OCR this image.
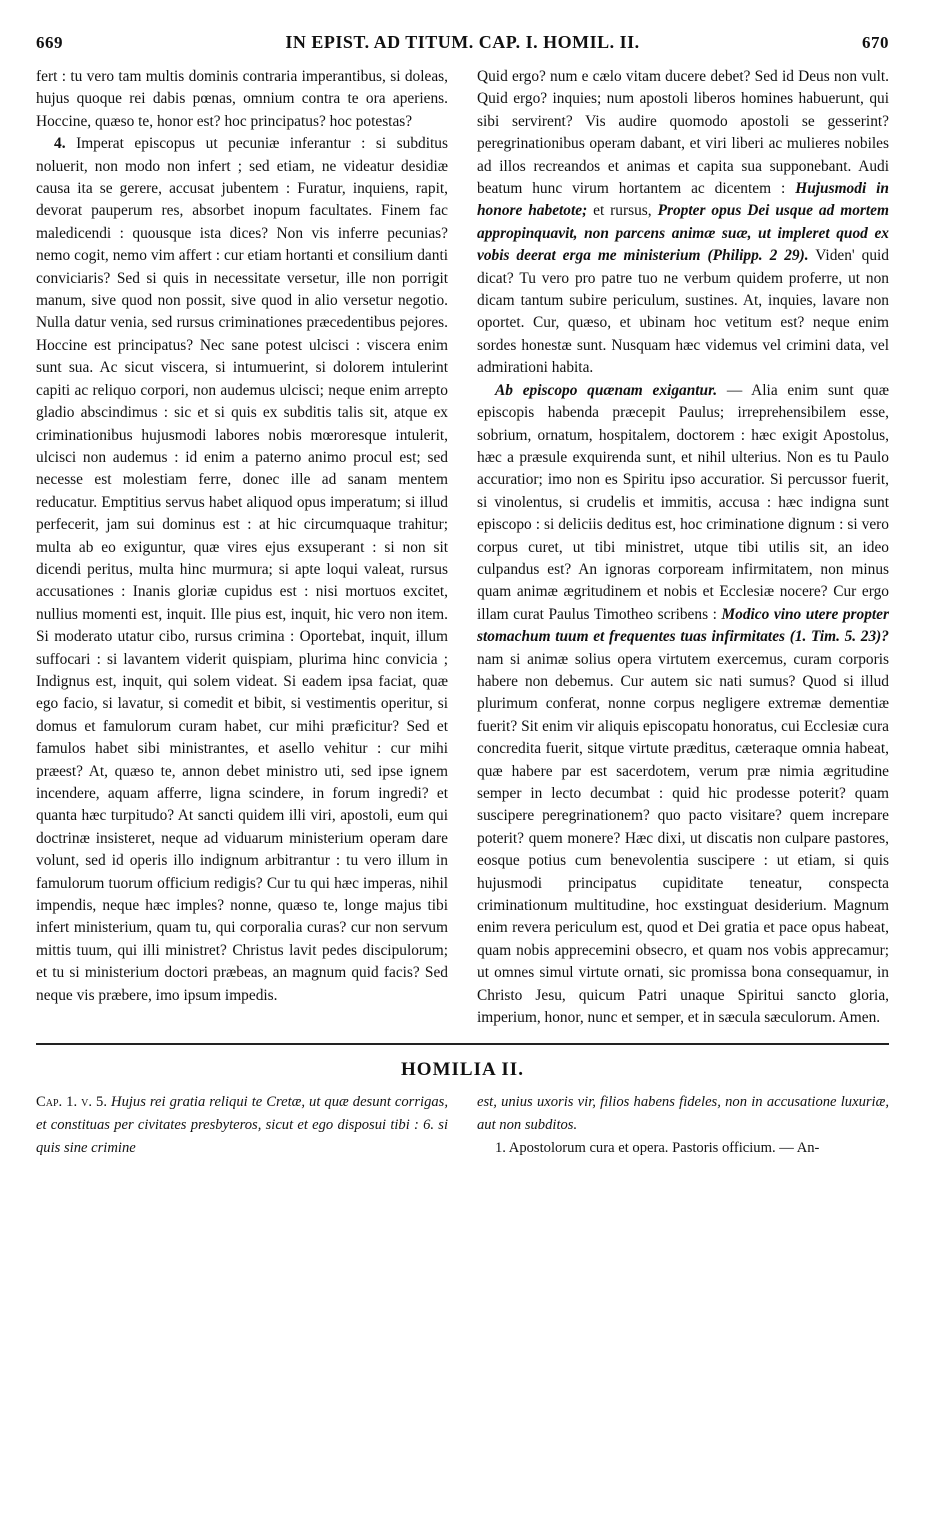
669	IN EPIST. AD TITUM. CAP. I. HOMIL. II.	670

fert : tu vero tam multis dominis contraria imperantibus, si doleas, hujus quoque rei dabis pœnas, omnium contra te ora aperiens. Hoccine, quæso te, honor est? hoc principatus? hoc potestas?

4. Imperat episcopus ut pecuniæ inferantur : si subditus noluerit, non modo non infert ; sed etiam, ne videatur desidiæ causa ita se gerere, accusat jubentem : Furatur, inquiens, rapit, devorat pauperum res, absorbet inopum facultates. Finem fac maledicendi : quousque ista dices? Non vis inferre pecunias? nemo cogit, nemo vim affert : cur etiam hortanti et consilium danti conviciaris? Sed si quis in necessitate versetur, ille non porrigit manum, sive quod non possit, sive quod in alio versetur negotio. Nulla datur venia, sed rursus criminationes præcedentibus pejores. Hoccine est principatus? Nec sane potest ulcisci : viscera enim sunt sua. Ac sicut viscera, si intumuerint, si dolorem intulerint capiti ac reliquo corpori, non audemus ulcisci; neque enim arrepto gladio abscindimus : sic et si quis ex subditis talis sit, atque ex criminationibus hujusmodi labores nobis mœroresque intulerit, ulcisci non audemus : id enim a paterno animo procul est; sed necesse est molestiam ferre, donec ille ad sanam mentem reducatur. Emptitius servus habet aliquod opus imperatum; si illud perfecerit, jam sui dominus est : at hic circumquaque trahitur; multa ab eo exiguntur, quæ vires ejus exsuperant : si non sit dicendi peritus, multa hinc murmura; si apte loqui valeat, rursus accusationes : Inanis gloriæ cupidus est : nisi mortuos excitet, nullius momenti est, inquit. Ille pius est, inquit, hic vero non item. Si moderato utatur cibo, rursus crimina : Oportebat, inquit, illum suffocari : si lavantem viderit quispiam, plurima hinc convicia ; Indignus est, inquit, qui solem videat. Si eadem ipsa faciat, quæ ego facio, si lavatur, si comedit et bibit, si vestimentis operitur, si domus et famulorum curam habet, cur mihi præficitur? Sed et famulos habet sibi ministrantes, et asello vehitur : cur mihi præest? At, quæso te, annon debet ministro uti, sed ipse ignem incendere, aquam afferre, ligna scindere, in forum ingredi? et quanta hæc turpitudo? At sancti quidem illi viri, apostoli, eum qui doctrinæ insisteret, neque ad viduarum ministerium operam dare volunt, sed id operis illo indignum arbitrantur : tu vero illum in famulorum tuorum officium redigis? Cur tu qui hæc imperas, nihil impendis, neque hæc imples? nonne, quæso te, longe majus tibi infert ministerium, quam tu, qui corporalia curas? cur non servum mittis tuum, qui illi ministret? Christus lavit pedes discipulorum; et tu si ministerium doctori præbeas, an magnum quid facis? Sed neque vis præbere, imo ipsum impedis.

Quid ergo? num e cælo vitam ducere debet? Sed id Deus non vult. Quid ergo? inquies; num apostoli liberos homines habuerunt, qui sibi servirent? Vis audire quomodo apostoli se gesserint? peregrinationibus operam dabant, et viri liberi ac mulieres nobiles ad illos recreandos et animas et capita sua supponebant. Audi beatum hunc virum hortantem ac dicentem : Hujusmodi in honore habetote; et rursus, Propter opus Dei usque ad mortem appropinquavit, non parcens animæ suæ, ut impleret quod ex vobis deerat erga me ministerium (Philipp. 2 29). Viden' quid dicat? Tu vero pro patre tuo ne verbum quidem proferre, ut non dicam tantum subire periculum, sustines. At, inquies, lavare non oportet. Cur, quæso, et ubinam hoc vetitum est? neque enim sordes honestæ sunt. Nusquam hæc videmus vel crimini data, vel admirationi habita.

Ab episcopo quænam exigantur. — Alia enim sunt quæ episcopis habenda præcepit Paulus; irreprehensibilem esse, sobrium, ornatum, hospitalem, doctorem : hæc exigit Apostolus, hæc a præsule exquirenda sunt, et nihil ulterius. Non es tu Paulo accuratior; imo non es Spiritu ipso accuratior. Si percussor fuerit, si vinolentus, si crudelis et immitis, accusa : hæc indigna sunt episcopo : si deliciis deditus est, hoc criminatione dignum : si vero corpus curet, ut tibi ministret, utque tibi utilis sit, an ideo culpandus est? An ignoras corpoream infirmitatem, non minus quam animæ ægritudinem et nobis et Ecclesiæ nocere? Cur ergo illam curat Paulus Timotheo scribens : Modico vino utere propter stomachum tuum et frequentes tuas infirmitates (1. Tim. 5. 23)? nam si animæ solius opera virtutem exercemus, curam corporis habere non debemus. Cur autem sic nati sumus? Quod si illud plurimum conferat, nonne corpus negligere extremæ dementiæ fuerit? Sit enim vir aliquis episcopatu honoratus, cui Ecclesiæ cura concredita fuerit, sitque virtute præditus, cæteraque omnia habeat, quæ habere par est sacerdotem, verum præ nimia ægritudine semper in lecto decumbat : quid hic prodesse poterit? quam suscipere peregrinationem? quo pacto visitare? quem increpare poterit? quem monere? Hæc dixi, ut discatis non culpare pastores, eosque potius cum benevolentia suscipere : ut etiam, si quis hujusmodi principatus cupiditate teneatur, conspecta criminationum multitudine, hoc exstinguat desiderium. Magnum enim revera periculum est, quod et Dei gratia et pace opus habeat, quam nobis apprecemini obsecro, et quam nos vobis apprecamur; ut omnes simul virtute ornati, sic promissa bona consequamur, in Christo Jesu, quicum Patri unaque Spiritui sancto gloria, imperium, honor, nunc et semper, et in sæcula sæculorum. Amen.

HOMILIA II.

Cap. 1. v. 5. Hujus rei gratia reliqui te Cretæ, ut quæ desunt corrigas, et constituas per civitates presbyteros, sicut et ego disposui tibi : 6. si quis sine crimine

est, unius uxoris vir, filios habens fideles, non in accusatione luxuriæ, aut non subditos.

1. Apostolorum cura et opera. Pastoris officium. — An-
